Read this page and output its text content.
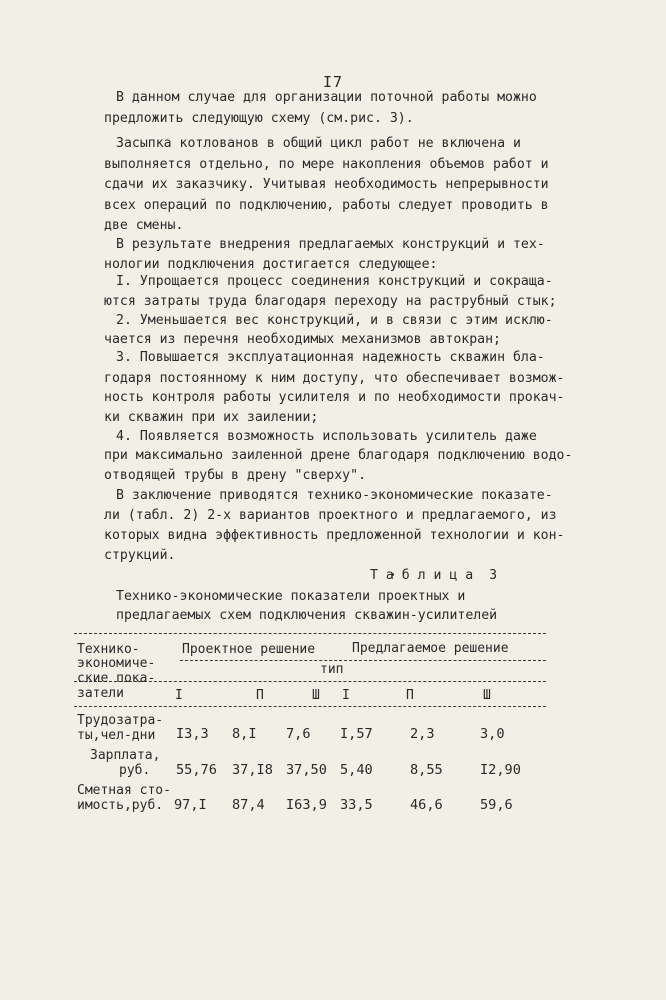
I7
В данном случае для организации поточной работы можно
предложить следующую схему (см.рис. 3).
Засыпка котлованов в общий цикл работ не включена и
выполняется отдельно, по мере накопления объемов работ и
сдачи их заказчику. Учитывая необходимость непрерывности
всех операций по подключению, работы следует проводить в
две смены.
В результате внедрения предлагаемых конструкций и тех-
нологии подключения достигается следующее:
I. Упрощается процесс соединения конструкций и сокраща-
ются затраты труда благодаря переходу на раструбный стык;
2. Уменьшается вес конструкций, и в связи с этим исклю-
чается из перечня необходимых механизмов автокран;
3. Повышается эксплуатационная надежность скважин бла-
годаря постоянному к ним доступу, что обеспечивает возмож-
ность контроля работы усилителя и по необходимости прокач-
ки скважин при их заилении;
4. Появляется возможность использовать усилитель даже
при максимально заиленной дрене благодаря подключению водо-
отводящей трубы в дрену "сверху".
В заключение приводятся технико-экономические показате-
ли (табл. 2) 2-х вариантов проектного и предлагаемого, из
которых видна эффективность предложенной технологии и кон-
струкций.
Т а б л и ц а  3
Технико-экономические показатели проектных и
предлагаемых схем подключения скважин-усилителей
Технико-
экономиче-
ские пока-
затели
Проектное решение	Предлагаемое решение
тип
I	П	Ш I	П	Ш
Трудозатра-
ты,чел-дни I3,3 8,I 7,6 I,57	2,3	3,0
Зарплата,
руб. 55,76 37,I8 37,50 5,40	8,55	I2,90
Сметная сто-
имость,руб. 97,I 87,4 I63,9 33,5	46,6	59,6
